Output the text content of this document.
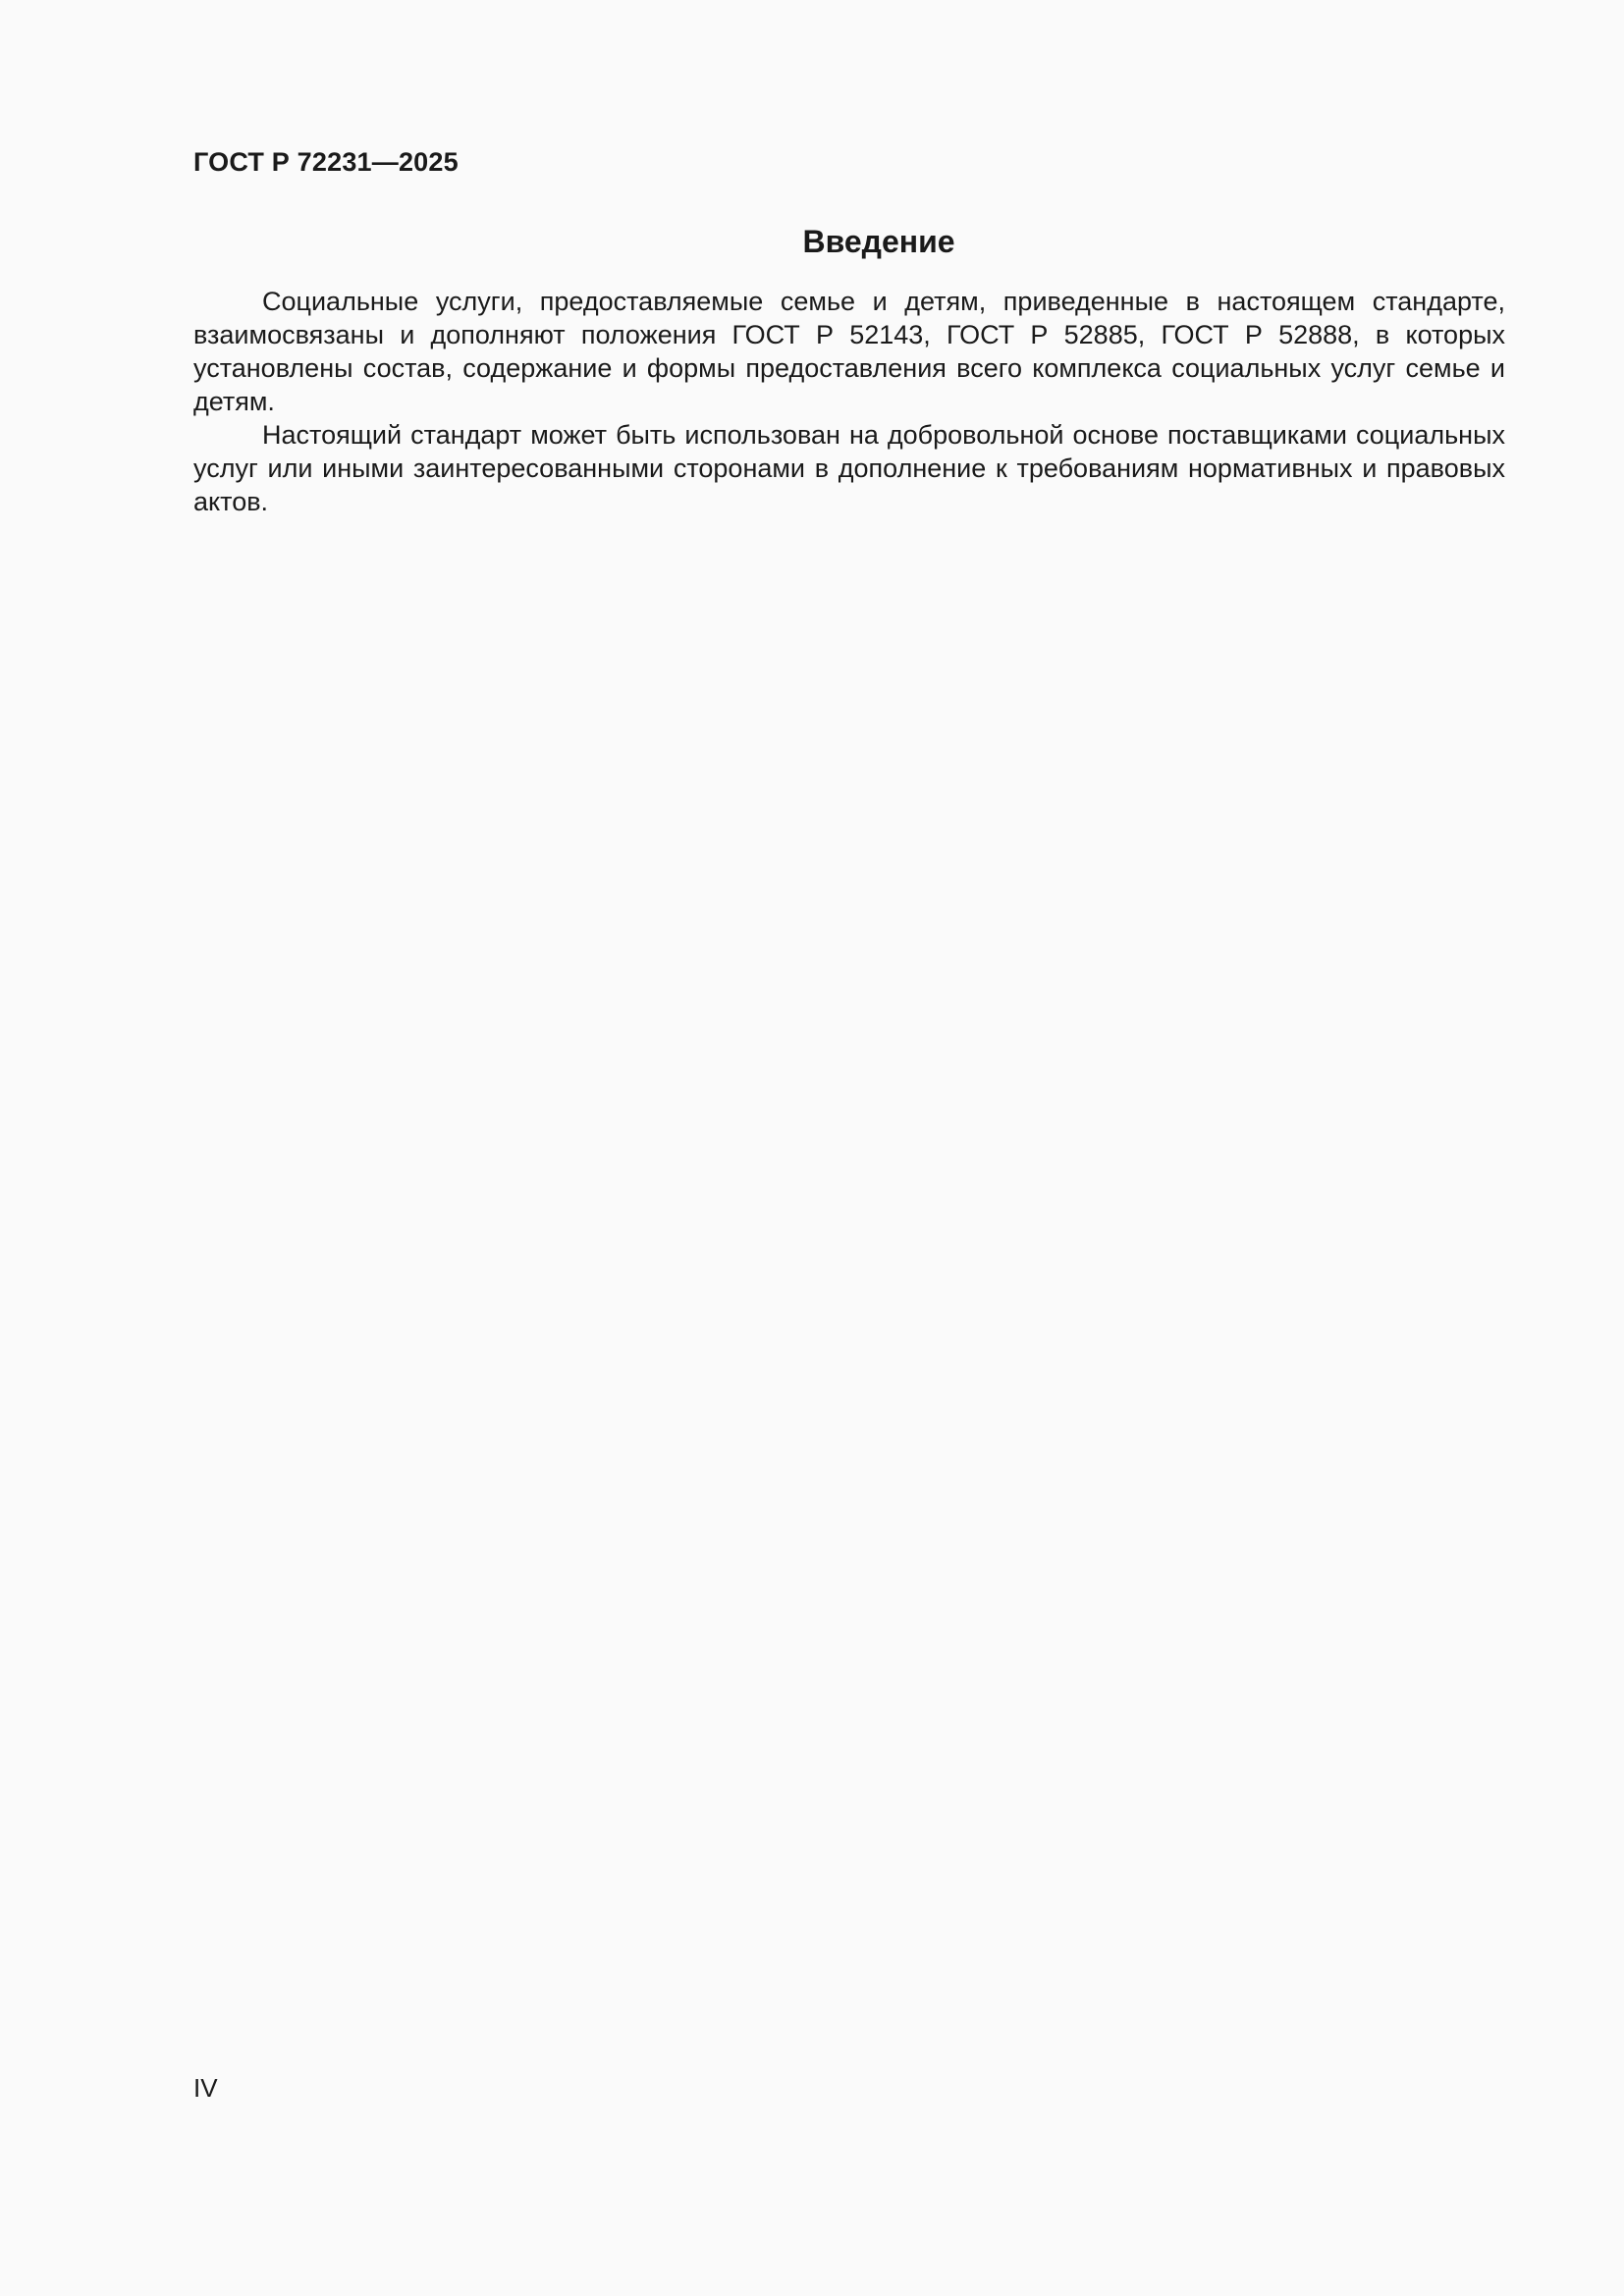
ГОСТ Р 72231—2025
Введение

Социальные услуги, предоставляемые семье и детям, приведенные в настоящем стандарте, взаимосвязаны и дополняют положения ГОСТ Р 52143, ГОСТ Р 52885, ГОСТ Р 52888, в которых установлены состав, содержание и формы предоставления всего комплекса социальных услуг семье и детям.

Настоящий стандарт может быть использован на добровольной основе поставщиками социальных услуг или иными заинтересованными сторонами в дополнение к требованиям нормативных и правовых актов.

IV
